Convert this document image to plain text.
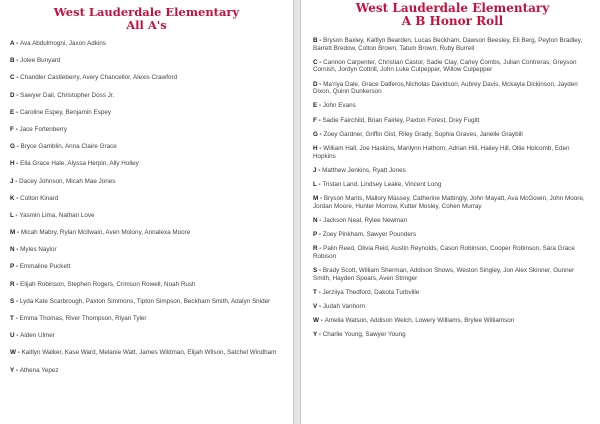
West Lauderdale Elementary
All A's
A - Ava Abdulmogni, Jaxon Adkins
B - Jolee Bunyard
C - Chandler Castleberry, Avery Chancellor, Alexis Crawford
D - Sawyer Dail, Christopher Doss Jr.
E - Caroline Espey, Benjamin Espey
F - Jace Fortenberry
G - Bryce Gamblin, Anna Claire Grace
H - Ella Grace Hale, Alyssa Herpin, Ally Holley
J - Dacey Johnson, Micah Mae Jones
K - Colton Kinard
L - Yasmin Lima, Nathan Love
M - Micah Mabry, Rylan McIlwain, Aven Molony, Annalexa Moore
N - Myles Naylor
P - Emmaline Puckett
R - Elijah Robinson, Stephen Rogers, Crimson Rowell, Noah Rush
S - Lyda Kate Scarbrough, Paxton Simmons, Tipton Simpson, Beckham Smith, Adalyn Snider
T - Emma Thomas, River Thompson, Riyan Tyler
U - Aiden Ulmer
W - Kaitlyn Walker, Kase Ward, Melanie Watt, James Wildman, Elijah Wilson, Satchel Windham
Y - Athena Yepez
West Lauderdale Elementary
A B Honor Roll
B - Bryson Baxley, Kaitlyn Bearden, Lucas Beckham, Dawson Beesley, Eli Berg, Peyton Bradley, Barrett Bredow, Colton Brown, Tatum Brown, Ruby Burrell
C - Cannon Carpenter, Christian Castor, Sadie Clay, Carley Combs, Julian Contreras, Greyson Cornish, Jordyn Cottrill, John Luke Culpepper, Willow Culpepper
D - Ma'riya Dale, Grace Dalferos,Nicholas Davidson, Aubrey Davis, Mckayla Dickinson, Jayden Dixon, Quinn Dunkerson
E - John Evans
F - Sadie Fairchild, Brian Fairley, Paxton Forest, Drey Fugitt
G - Zoey Gardner, Griffin Gist, Riley Grady, Sophia Graves, Janelle Graybill
H - William Hall, Joe Haskins, Marilynn Hathorn, Adrian Hill, Hailey Hill, Ollie Holcomb, Eden Hopkins
J - Matthew Jenkins, Ryatt Jones
L - Tristan Land, Lindsey Leake, Vincent Long
M - Bryson Mants, Mallory Massey, Catherine Mattingly, John Mayatt, Ava McGowin, John Moore, Jordan Moore, Hunter Morrow, Kutter Mosley, Cohen Murray
N - Jackson Neal, Rylee Newman
P - Zoey Pinkham, Sawyer Pounders
R - Palin Reed, Olivia Reid, Austin Reynolds, Cason Robinson, Cooper Robinson, Sara Grace Robison
S - Brady Scott, William Sherman, Addison Shows, Weston Singley, Jon Alex Skinner, Gunner Smith, Hayden Spears, Aven Stringer
T - Jerziiya Thedford, Dakota Turbville
V - Judah Vanhorn
W - Amelia Watson, Addison Welch, Lowery Williams, Brylee Williamson
Y - Charlie Young, Sawyer Young
